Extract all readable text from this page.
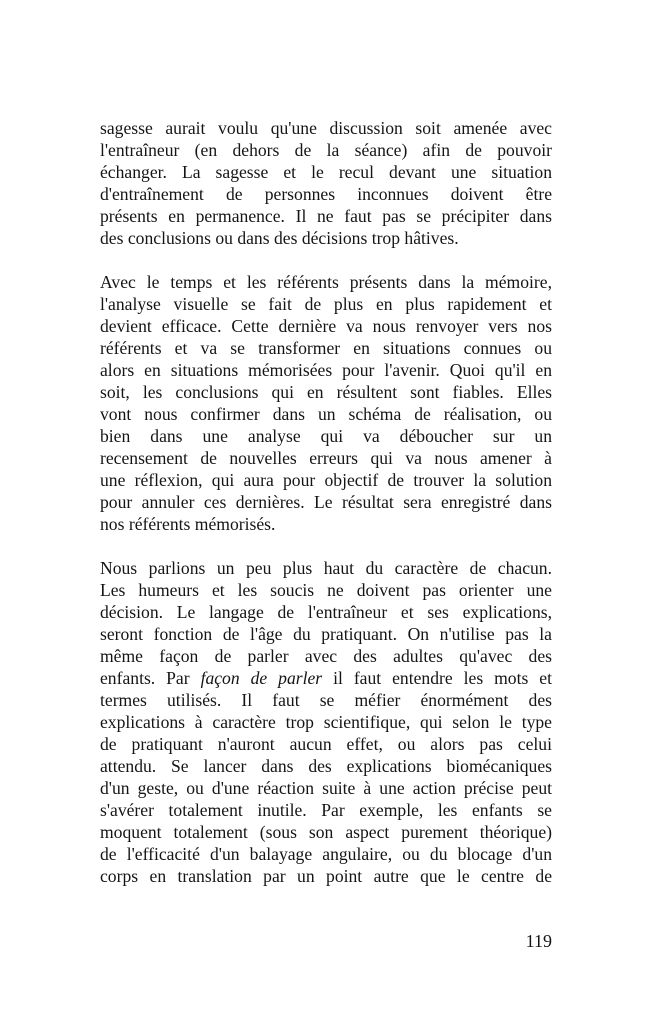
sagesse aurait voulu qu'une discussion soit amenée avec
l'entraîneur (en dehors de la séance) afin de pouvoir
échanger. La sagesse et le recul devant une situation
d'entraînement de personnes inconnues doivent être
présents en permanence. Il ne faut pas se précipiter dans
des conclusions ou dans des décisions trop hâtives.
Avec le temps et les référents présents dans la mémoire,
l'analyse visuelle se fait de plus en plus rapidement et
devient efficace. Cette dernière va nous renvoyer vers nos
référents et va se transformer en situations connues ou
alors en situations mémorisées pour l'avenir. Quoi qu'il en
soit, les conclusions qui en résultent sont fiables. Elles
vont nous confirmer dans un schéma de réalisation, ou
bien dans une analyse qui va déboucher sur un
recensement de nouvelles erreurs qui va nous amener à
une réflexion, qui aura pour objectif de trouver la solution
pour annuler ces dernières. Le résultat sera enregistré dans
nos référents mémorisés.
Nous parlions un peu plus haut du caractère de chacun.
Les humeurs et les soucis ne doivent pas orienter une
décision. Le langage de l'entraîneur et ses explications,
seront fonction de l'âge du pratiquant. On n'utilise pas la
même façon de parler avec des adultes qu'avec des
enfants. Par façon de parler il faut entendre les mots et
termes utilisés. Il faut se méfier énormément des
explications à caractère trop scientifique, qui selon le type
de pratiquant n'auront aucun effet, ou alors pas celui
attendu. Se lancer dans des explications biomécaniques
d'un geste, ou d'une réaction suite à une action précise peut
s'avérer totalement inutile. Par exemple, les enfants se
moquent totalement (sous son aspect purement théorique)
de l'efficacité d'un balayage angulaire, ou du blocage d'un
corps en translation par un point autre que le centre de
119
